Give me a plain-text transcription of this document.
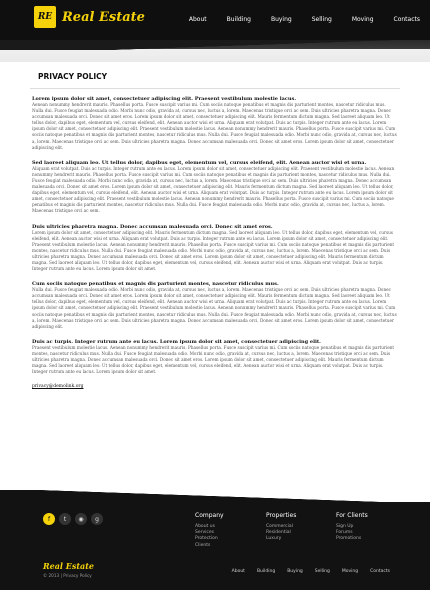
RE Real Estate	About	Building	Buying	Selling	Moving	Contacts
PRIVACY POLICY
Lorem ipsum dolor sit amet, consectetuer adipiscing elit. Praesent vestibulum molestie lacus.

Aenean nonummy hendrerit mauris. Phasellus porta. Fusce suscipit varius mi. Cum sociis natoque penatibus et magnis dis parturient montes, nascetur ridiculus mus. Nulla dui. Fusce feugiat malesuada odio. Morbi nunc odio, gravida at, cursus nec, luctus a, lorem. Maecenas tristique orci ac sem. Duis ultricies pharetra magna. Donec accumsan malesuada orci. Donec sit amet eros. Lorem ipsum dolor sit amet, consectetuer adipiscing elit. Mauris fermentum dictum magna. Sed laoreet aliquam leo. Ut tellus dolor, dapibus eget, elementum vel, cursus eleifend, elit. Aenean auctor wisi et urna. Aliquam erat volutpat. Duis ac turpis. Integer rutrum ante eu lacus. Lorem ipsum dolor sit amet, consectetuer adipiscing elit. Praesent vestibulum molestie lacus. Aenean nonummy hendrerit mauris. Phasellus porta. Fusce suscipit varius mi. Cum sociis natoque penatibus et magnis dis parturient montes, nascetur ridiculus mus. Nulla dui. Fusce feugiat malesuada odio. Morbi nunc odio, gravida at, cursus nec, luctus a, lorem. Maecenas tristique orci ac sem. Duis ultricies pharetra magna. Donec accumsan malesuada orci. Donec sit amet eros. Lorem ipsum dolor sit amet, consectetuer adipiscing elit.

Sed laoreet aliquam leo. Ut tellus dolor, dapibus eget, elementum vel, cursus eleifend, elit. Aenean auctor wisi et urna.

Aliquam erat volutpat. Duis ac turpis. Integer rutrum ante eu lacus. Lorem ipsum dolor sit amet, consectetuer adipiscing elit. Praesent vestibulum molestie lacus. Aenean nonummy hendrerit mauris. Phasellus porta. Fusce suscipit varius mi. Cum sociis natoque penatibus et magnis dis parturient montes, nascetur ridiculus mus. Nulla dui. Fusce feugiat malesuada odio. Morbi nunc odio, gravida at, cursus nec, luctus a, lorem. Maecenas tristique orci ac sem. Duis ultricies pharetra magna. Donec accumsan malesuada orci. Donec sit amet eros. Lorem ipsum dolor sit amet, consectetuer adipiscing elit. Mauris fermentum dictum magna. Sed laoreet aliquam leo. Ut tellus dolor, dapibus eget, elementum vel, cursus eleifend, elit. Aenean auctor wisi et urna. Aliquam erat volutpat. Duis ac turpis. Integer rutrum ante eu lacus. Lorem ipsum dolor sit amet, consectetuer adipiscing elit. Praesent vestibulum molestie lacus. Aenean nonummy hendrerit mauris. Phasellus porta. Fusce suscipit varius mi. Cum sociis natoque penatibus et magnis dis parturient montes, nascetur ridiculus mus. Nulla dui. Fusce feugiat malesuada odio. Morbi nunc odio, gravida at, cursus nec, luctus a, lorem. Maecenas tristique orci ac sem.

Duis ultricies pharetra magna. Donec accumsan malesuada orci. Donec sit amet eros.

Lorem ipsum dolor sit amet, consectetuer adipiscing elit. Mauris fermentum dictum magna. Sed laoreet aliquam leo. Ut tellus dolor, dapibus eget, elementum vel, cursus eleifend, elit. Aenean auctor wisi et urna. Aliquam erat volutpat. Duis ac turpis. Integer rutrum ante eu lacus. Lorem ipsum dolor sit amet, consectetuer adipiscing elit. Praesent vestibulum molestie lacus. Aenean nonummy hendrerit mauris. Phasellus porta. Fusce suscipit varius mi. Cum sociis natoque penatibus et magnis dis parturient montes, nascetur ridiculus mus. Nulla dui. Fusce feugiat malesuada odio. Morbi nunc odio, gravida at, cursus nec, luctus a, lorem. Maecenas tristique orci ac sem. Duis ultricies pharetra magna. Donec accumsan malesuada orci. Donec sit amet eros. Lorem ipsum dolor sit amet, consectetuer adipiscing elit. Mauris fermentum dictum magna. Sed laoreet aliquam leo. Ut tellus dolor, dapibus eget, elementum vel, cursus eleifend, elit. Aenean auctor wisi et urna. Aliquam erat volutpat. Duis ac turpis. Integer rutrum ante eu lacus. Lorem ipsum dolor sit amet.

Cum sociis natoque penatibus et magnis dis parturient montes, nascetur ridiculus mus.

Nulla dui. Fusce feugiat malesuada odio. Morbi nunc odio, gravida at, cursus nec, luctus a, lorem. Maecenas tristique orci ac sem. Duis ultricies pharetra magna. Donec accumsan malesuada orci. Donec sit amet eros. Lorem ipsum dolor sit amet, consectetuer adipiscing elit. Mauris fermentum dictum magna. Sed laoreet aliquam leo. Ut tellus dolor, dapibus eget, elementum vel, cursus eleifend, elit. Aenean auctor wisi et urna. Aliquam erat volutpat. Duis ac turpis. Integer rutrum ante eu lacus. Lorem ipsum dolor sit amet, consectetuer adipiscing elit. Praesent vestibulum molestie lacus. Aenean nonummy hendrerit mauris. Phasellus porta. Fusce suscipit varius mi. Cum sociis natoque penatibus et magnis dis parturient montes, nascetur ridiculus mus. Nulla dui. Fusce feugiat malesuada odio. Morbi nunc odio, gravida at, cursus nec, luctus a, lorem. Maecenas tristique orci ac sem. Duis ultricies pharetra magna. Donec accumsan malesuada orci. Donec sit amet eros. Lorem ipsum dolor sit amet, consectetuer adipiscing elit.

Duis ac turpis. Integer rutrum ante eu lacus. Lorem ipsum dolor sit amet, consectetuer adipiscing elit.

Praesent vestibulum molestie lacus. Aenean nonummy hendrerit mauris. Phasellus porta. Fusce suscipit varius mi. Cum sociis natoque penatibus et magnis dis parturient montes, nascetur ridiculus mus. Nulla dui. Fusce feugiat malesuada odio. Morbi nunc odio, gravida at, cursus nec, luctus a, lorem. Maecenas tristique orci ac sem. Duis ultricies pharetra magna. Donec accumsan malesuada orci. Donec sit amet eros. Lorem ipsum dolor sit amet, consectetuer adipiscing elit. Mauris fermentum dictum magna. Sed laoreet aliquam leo. Ut tellus dolor, dapibus eget, elementum vel, cursus eleifend, elit. Aenean auctor wisi et urna. Aliquam erat volutpat. Duis ac turpis. Integer rutrum ante eu lacus. Lorem ipsum dolor sit amet.

privacy@demolink.org
f	t	◉	g	Company
About us
Services
Protection
Clients
Properties
Commercial
Residential
Luxury
For Clients
Sign Up
Forums
Promotions
Real Estate
© 2013 | Privacy Policy
About	Building	Buying	Selling	Moving	Contacts
